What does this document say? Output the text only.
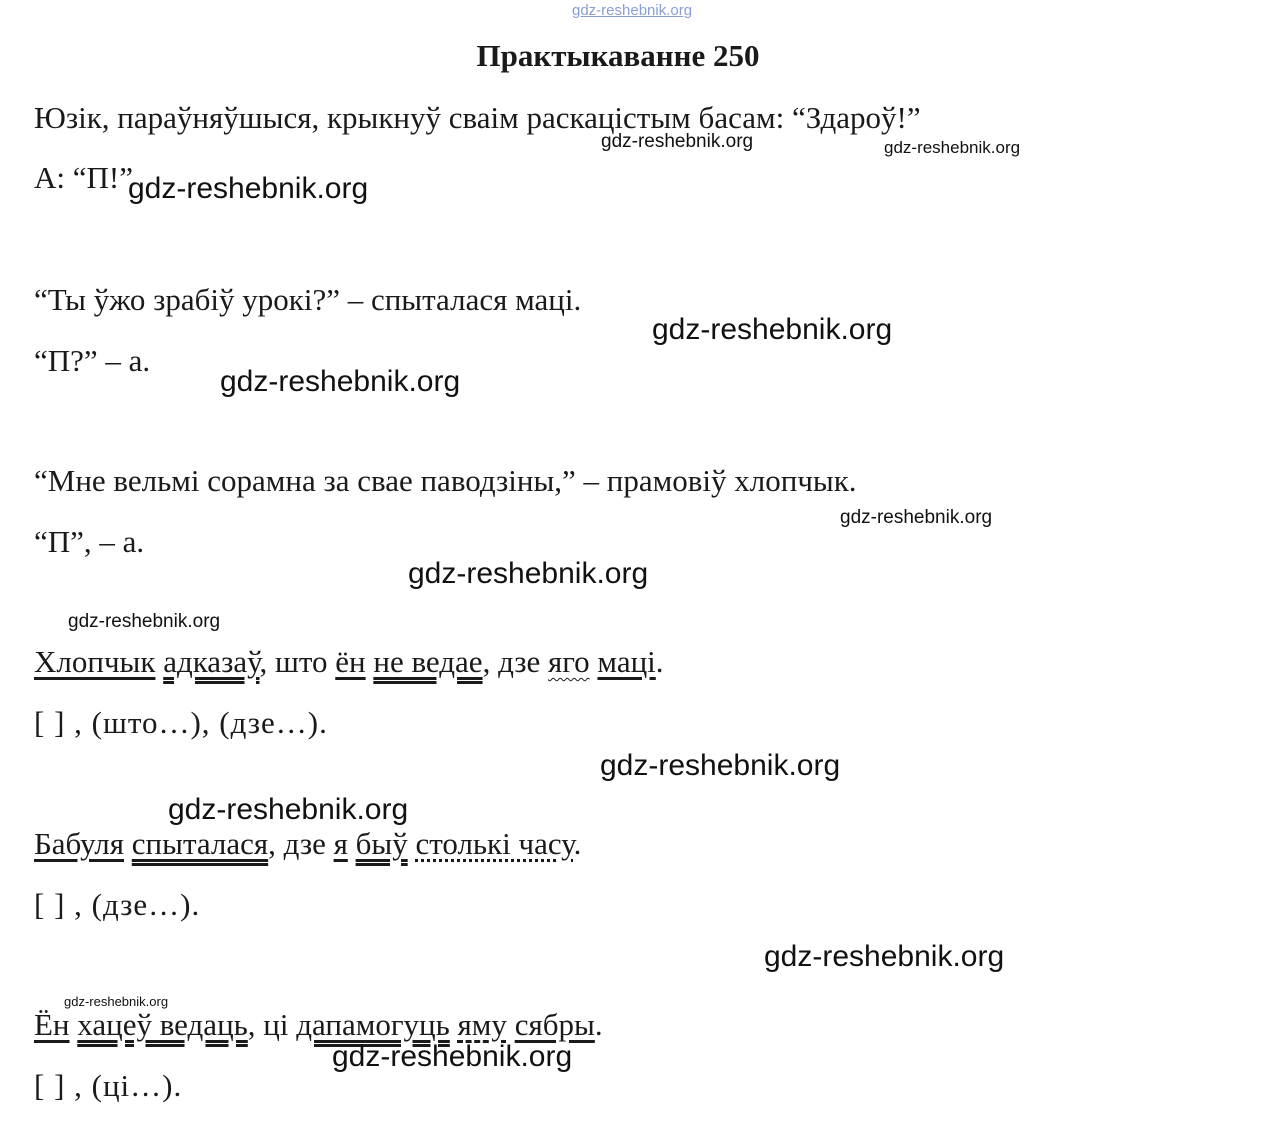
gdz-reshebnik.org
Практыкаванне 250
Юзік, параўняўшыся, крыкнуў сваім раскацістым басам: “Здароў!”
А: “П!”
“Ты ўжо зрабіў урокі?” – спыталася маці.
“П?” – а.
“Мне вельмі сорамна за свае паводзіны,” – прамовіў хлопчык.
“П”, – а.
Хлопчык адказаў, што ён не ведае, дзе яго маці.
[ ] , (што…), (дзе…).
Бабуля спыталася, дзе я быў столькі часу.
[ ] , (дзе…).
Ён хацеў ведаць, ці дапамогуць яму сябры.
[ ] , (ці…).
gdz-reshebnik.org	gdz-reshebnik.org
gdz-reshebnik.org
gdz-reshebnik.org
gdz-reshebnik.org
gdz-reshebnik.org
gdz-reshebnik.org
gdz-reshebnik.org
gdz-reshebnik.org
gdz-reshebnik.org
gdz-reshebnik.org
gdz-reshebnik.org
gdz-reshebnik.org
